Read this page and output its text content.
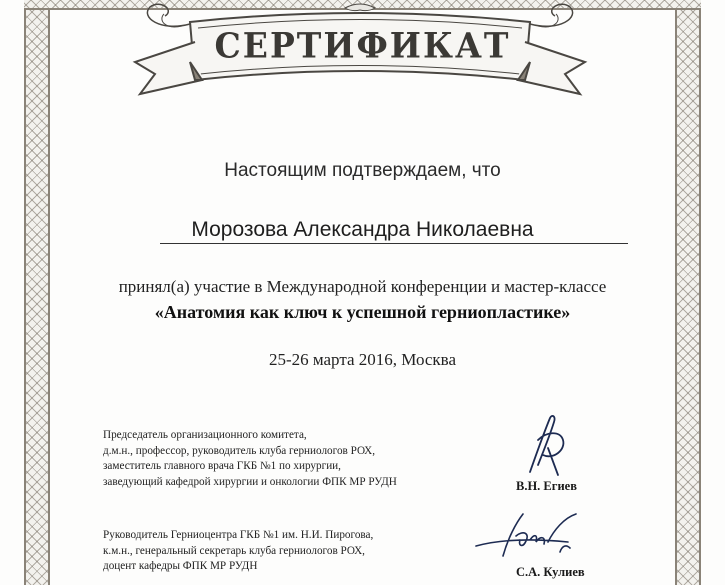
СЕРТИФИКАТ
Настоящим подтверждаем, что
Морозова Александра Николаевна
принял(а) участие в Международной конференции и мастер-классе
«Анатомия как ключ к успешной герниопластике»
25-26 марта 2016, Москва
Председатель организационного комитета,
д.м.н., профессор, руководитель клуба герниологов РОХ,
заместитель главного врача ГКБ №1 по хирургии,
заведующий кафедрой хирургии и онкологии ФПК МР РУДН	В.Н. Егиев
Руководитель Герниоцентра ГКБ №1 им. Н.И. Пирогова,
к.м.н., генеральный секретарь клуба герниологов РОХ,
доцент кафедры ФПК МР РУДН	С.А. Кулиев
